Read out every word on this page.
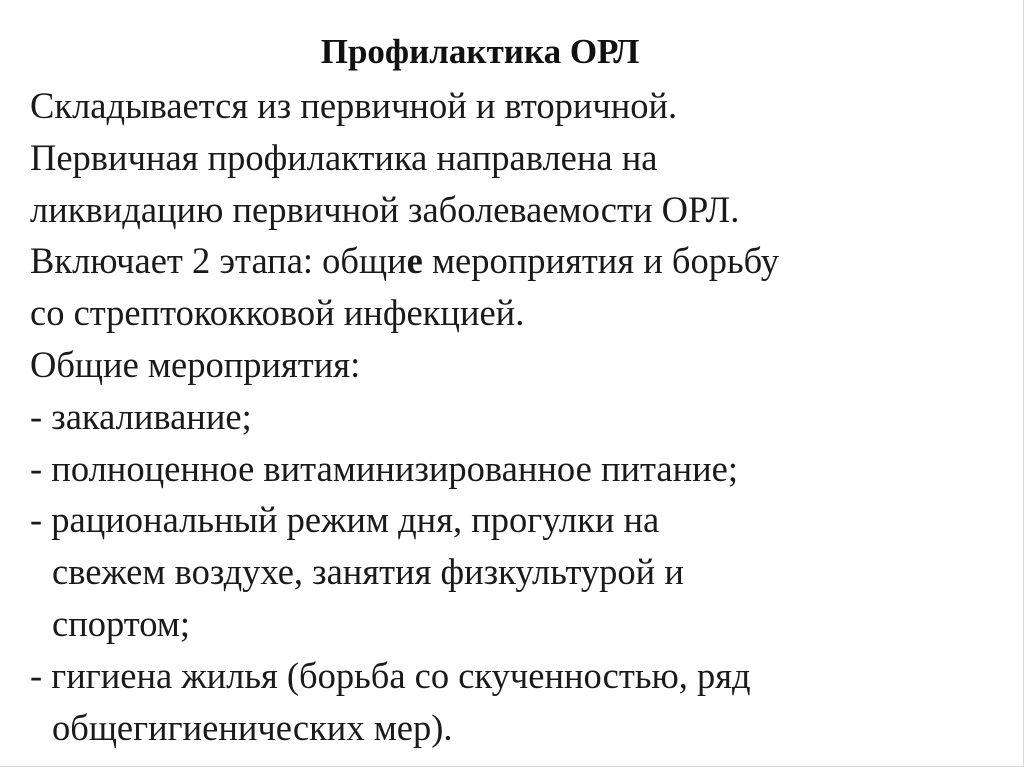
Профилактика ОРЛ
Складывается из первичной и вторичной.
Первичная профилактика направлена на
ликвидацию первичной заболеваемости ОРЛ.
Включает 2 этапа: общие мероприятия и борьбу
со стрептококковой инфекцией.
Общие мероприятия:
- закаливание;
- полноценное витаминизированное питание;
- рациональный режим дня, прогулки на
свежем воздухе, занятия физкультурой и
спортом;
- гигиена жилья (борьба со скученностью, ряд
общегигиенических мер).
